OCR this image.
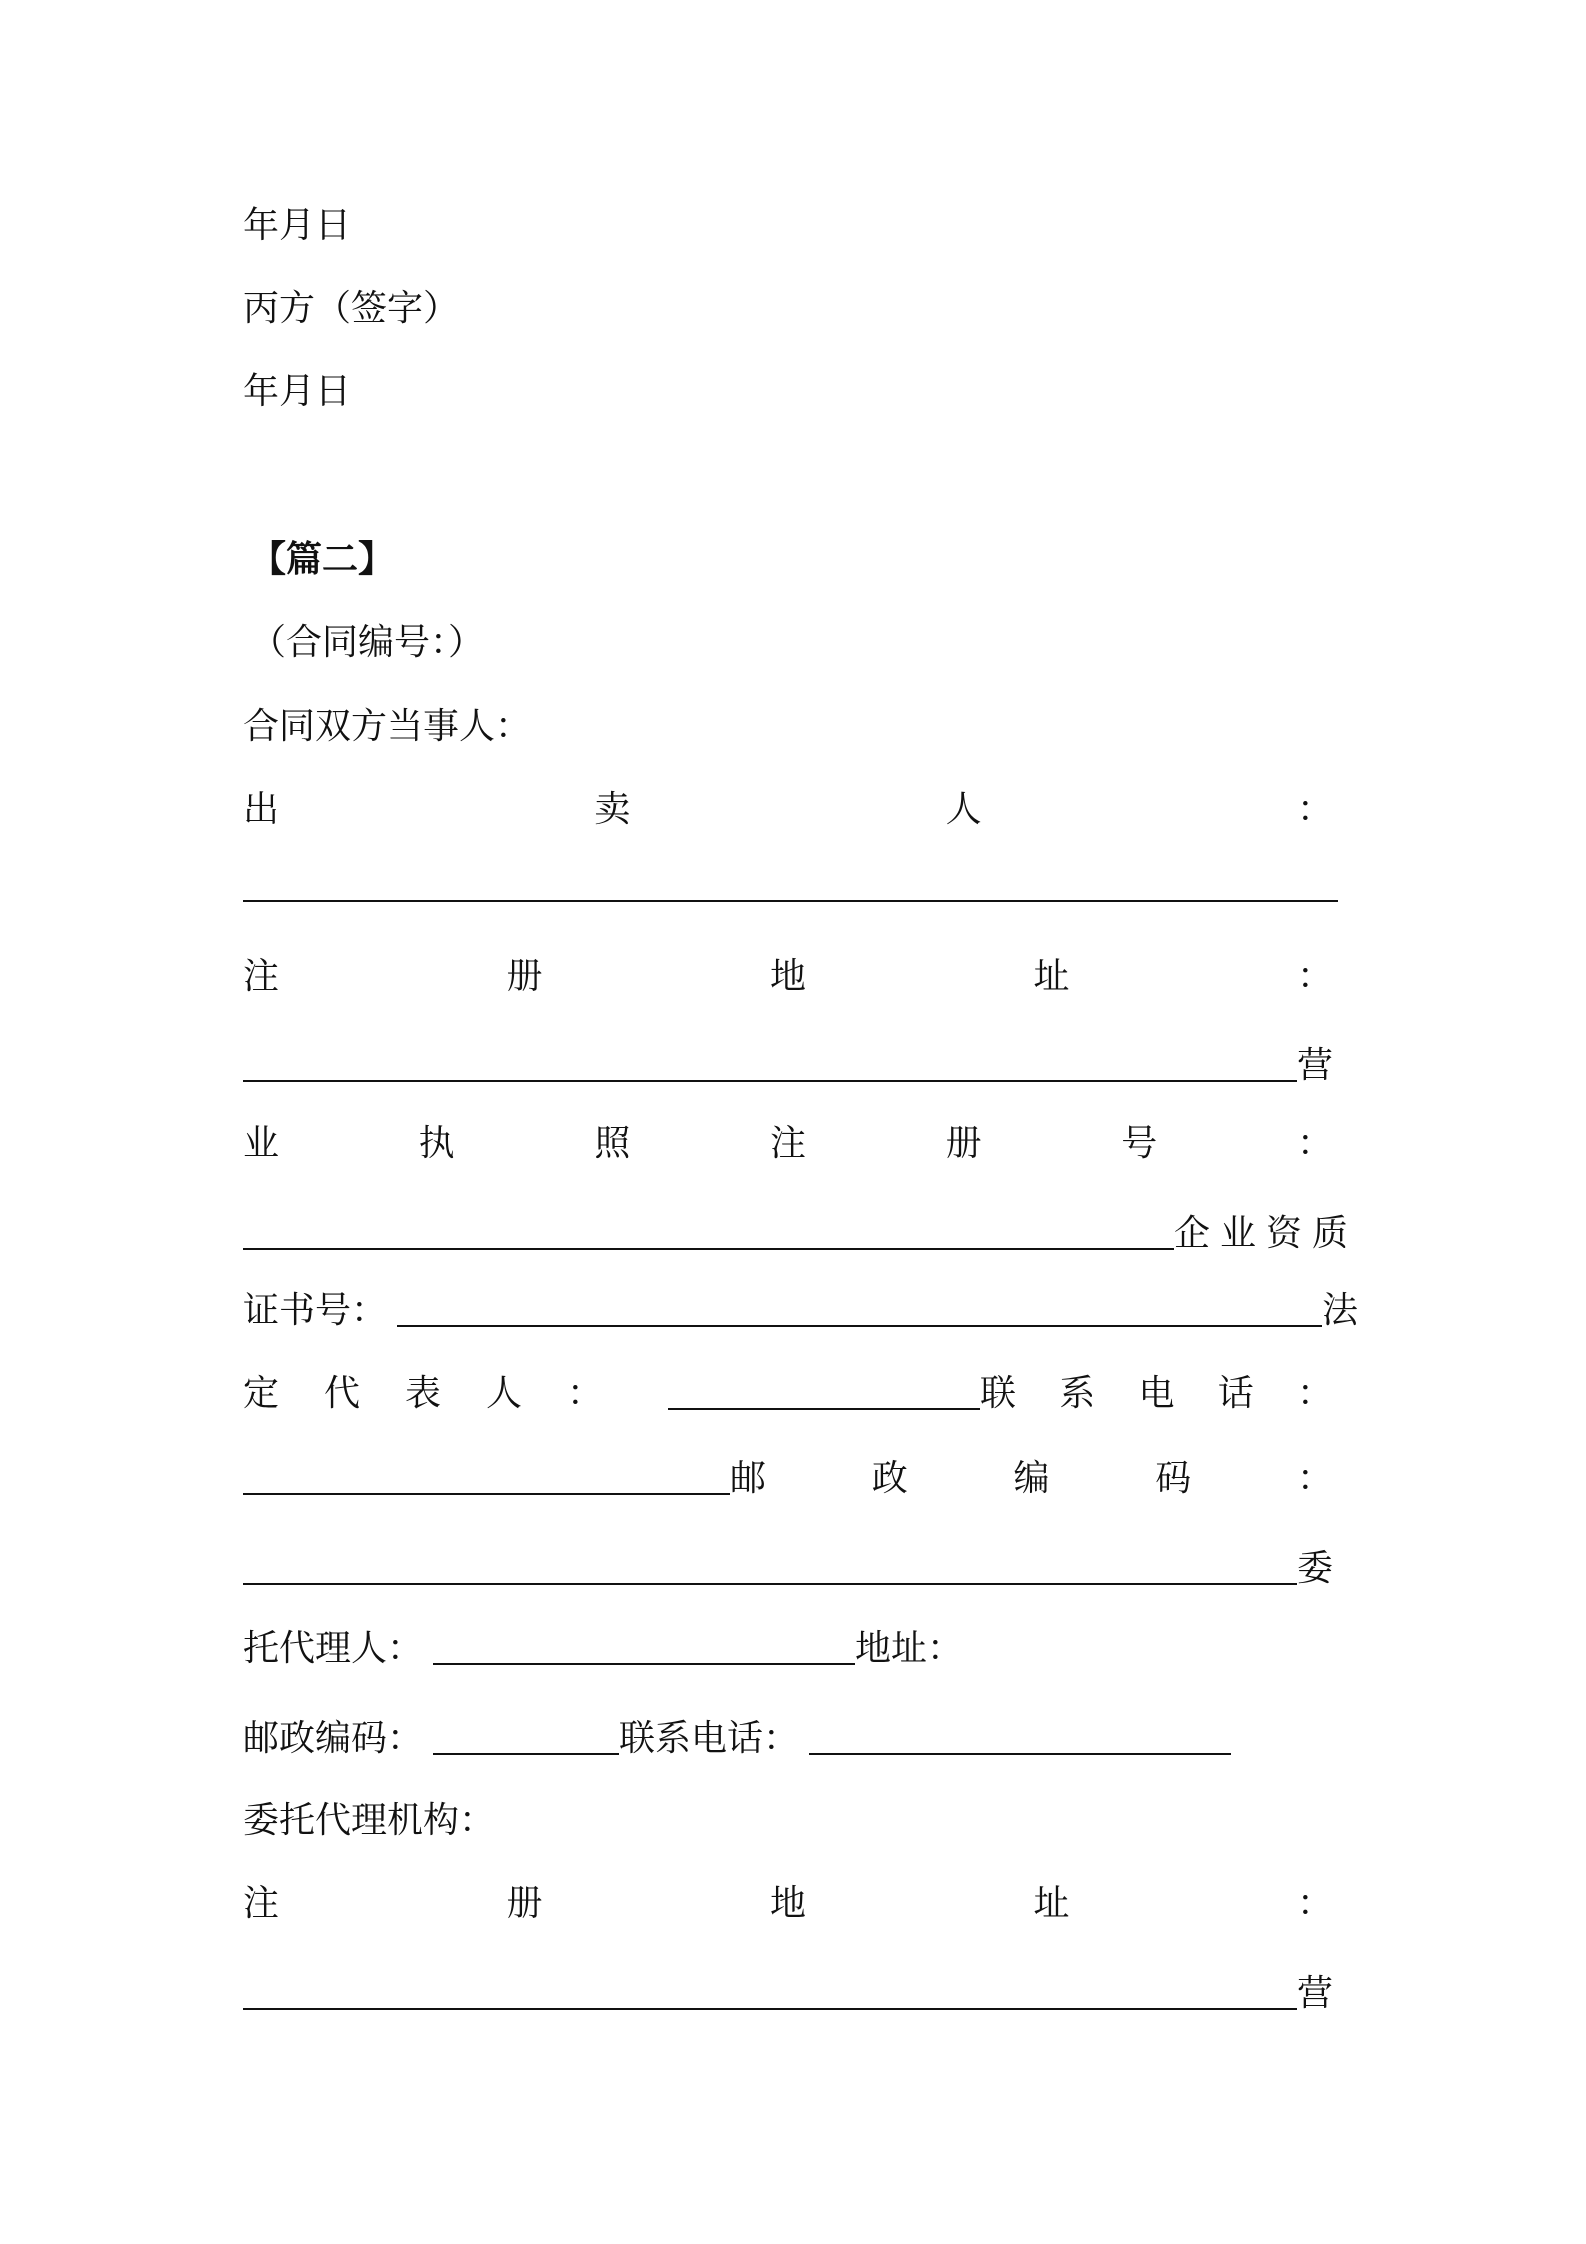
年月日
丙方（签字）
年月日
【篇二】
（合同编号：）
合同双方当事人：
出	卖	人	：
注	册	地	址	：
营
业	执	照	注	册	号	：
企业资质
证书号：	法
定 代 表 人 ：	联 系 电 话 ：
邮	政	编	码	：
委
托代理人：	地址：
邮政编码：	联系电话：
委托代理机构：
注	册	地	址	：
营
